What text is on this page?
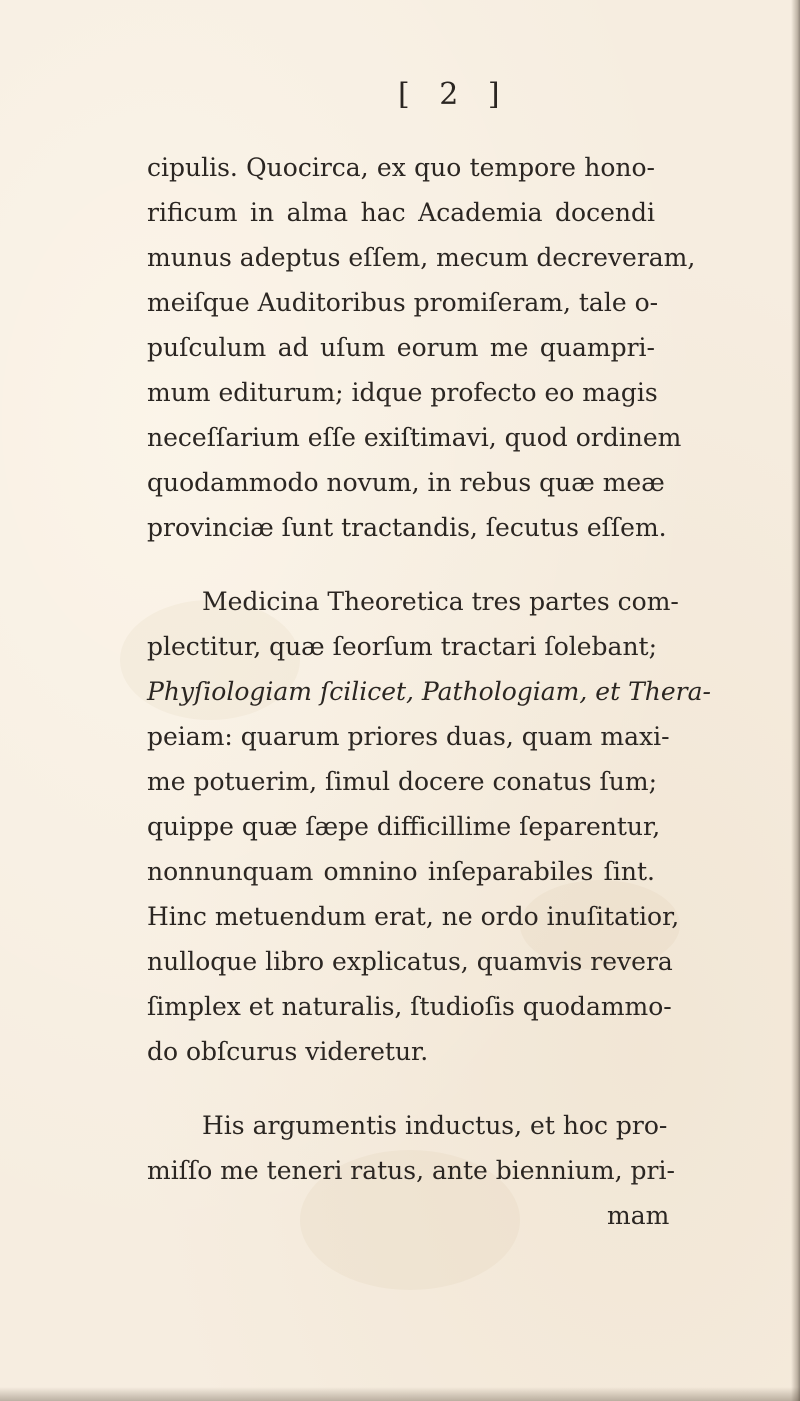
[ 2 ]
cipulis. Quocirca, ex quo tempore hono-
rificum in alma hac Academia docendi
munus adeptus eſſem, mecum decreveram,
meiſque Auditoribus promiſeram, tale o-
puſculum ad uſum eorum me quampri-
mum editurum; idque profecto eo magis
neceſſarium eſſe exiſtimavi, quod ordinem
quodammodo novum, in rebus quæ meæ
provinciæ ſunt tractandis, ſecutus eſſem.
Medicina Theoretica tres partes com-
plectitur, quæ ſeorſum tractari ſolebant;
Phyſiologiam ſcilicet, Pathologiam, et Thera-
peiam: quarum priores duas, quam maxi-
me potuerim, ſimul docere conatus ſum;
quippe quæ ſæpe difficillime ſeparentur,
nonnunquam omnino inſeparabiles ſint.
Hinc metuendum erat, ne ordo inuſitatior,
nulloque libro explicatus, quamvis revera
ſimplex et naturalis, ſtudioſis quodammo-
do obſcurus videretur.
His argumentis inductus, et hoc pro-
miſſo me teneri ratus, ante biennium, pri-
mam
